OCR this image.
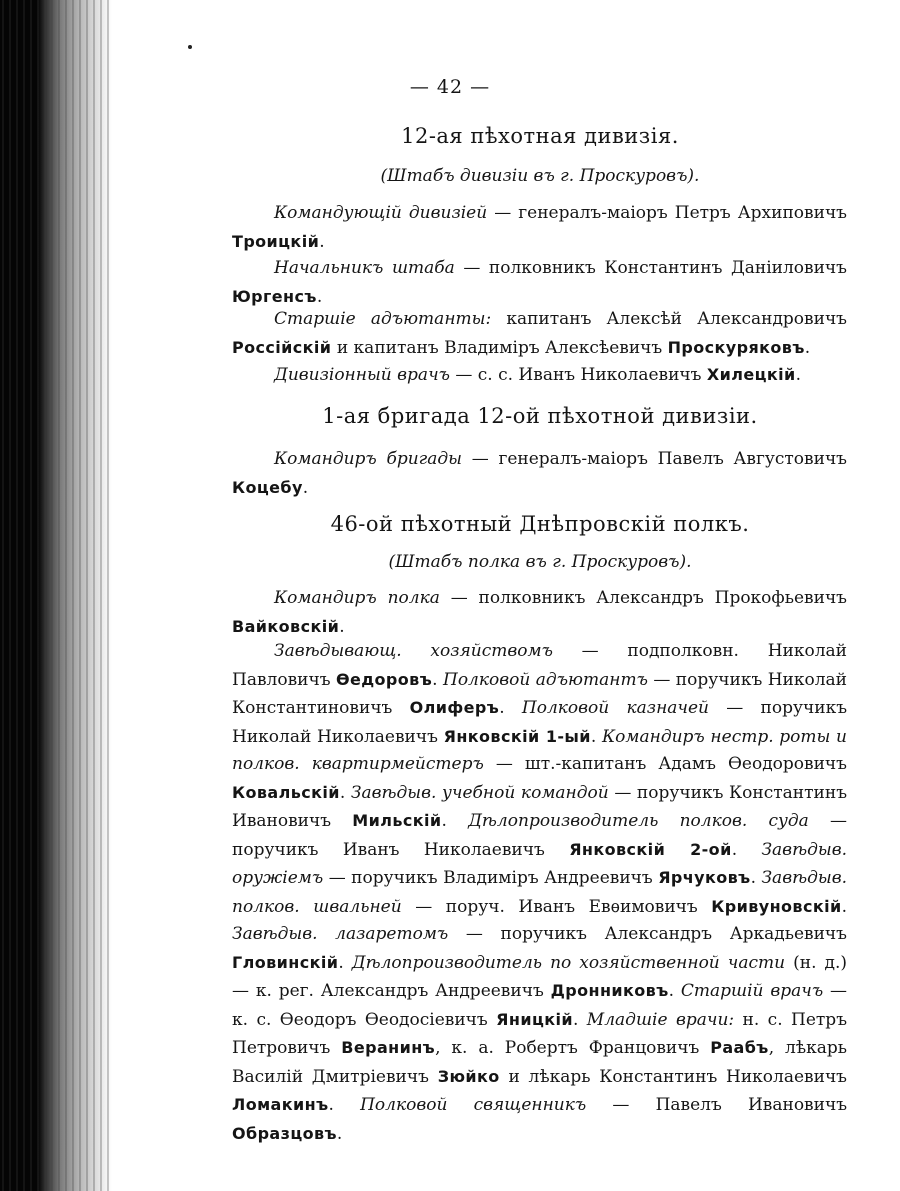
— 42 —
12-ая пѣхотная дивизія.
(Штабъ дивизіи въ г. Проскуровъ).
Командующій дивизіей — генералъ-маіоръ Петръ Архиповичъ Троицкій.
Начальникъ штаба — полковникъ Константинъ Даніиловичъ Юргенсъ.
Старшіе адъютанты: капитанъ Алексѣй Александровичъ Россійскій и капитанъ Владиміръ Алексѣевичъ Проскуряковъ.
Дивизіонный врачъ — с. с. Иванъ Николаевичъ Хилецкій.
1-ая бригада 12-ой пѣхотной дивизіи.
Командиръ бригады — генералъ-маіоръ Павелъ Августовичъ Коцебу.
46-ой пѣхотный Днѣпровскій полкъ.
(Штабъ полка въ г. Проскуровъ).
Командиръ полка — полковникъ Александръ Прокофьевичъ Вайковскій.
Завѣдывающ. хозяйствомъ — подполковн. Николай Павловичъ Ѳедоровъ. Полковой адъютантъ — поручикъ Николай Константиновичъ Олиферъ. Полковой казначей — поручикъ Николай Николаевичъ Янковскій 1-ый. Командиръ нестр. роты и полков. квартирмейстеръ — шт.-капитанъ Адамъ Ѳеодоровичъ Ковальскій. Завѣдыв. учебной командой — поручикъ Константинъ Ивановичъ Мильскій. Дѣлопроизводитель полков. суда — поручикъ Иванъ Николаевичъ Янковскій 2-ой. Завѣдыв. оружіемъ — поручикъ Владиміръ Андреевичъ Ярчуковъ. Завѣдыв. полков. швальней — поруч. Иванъ Евѳимовичъ Кривуновскій. Завѣдыв. лазаретомъ — поручикъ Александръ Аркадьевичъ Гловинскій. Дѣлопроизводитель по хозяйственной части (н. д.) — к. рег. Александръ Андреевичъ Дронниковъ. Старшій врачъ — к. с. Ѳеодоръ Ѳеодосіевичъ Яницкій. Младшіе врачи: н. с. Петръ Петровичъ Веранинъ, к. а. Робертъ Францовичъ Раабъ, лѣкарь Василій Дмитріевичъ Зюйко и лѣкарь Константинъ Николаевичъ Ломакинъ. Полковой священникъ — Павелъ Ивановичъ Образцовъ.
